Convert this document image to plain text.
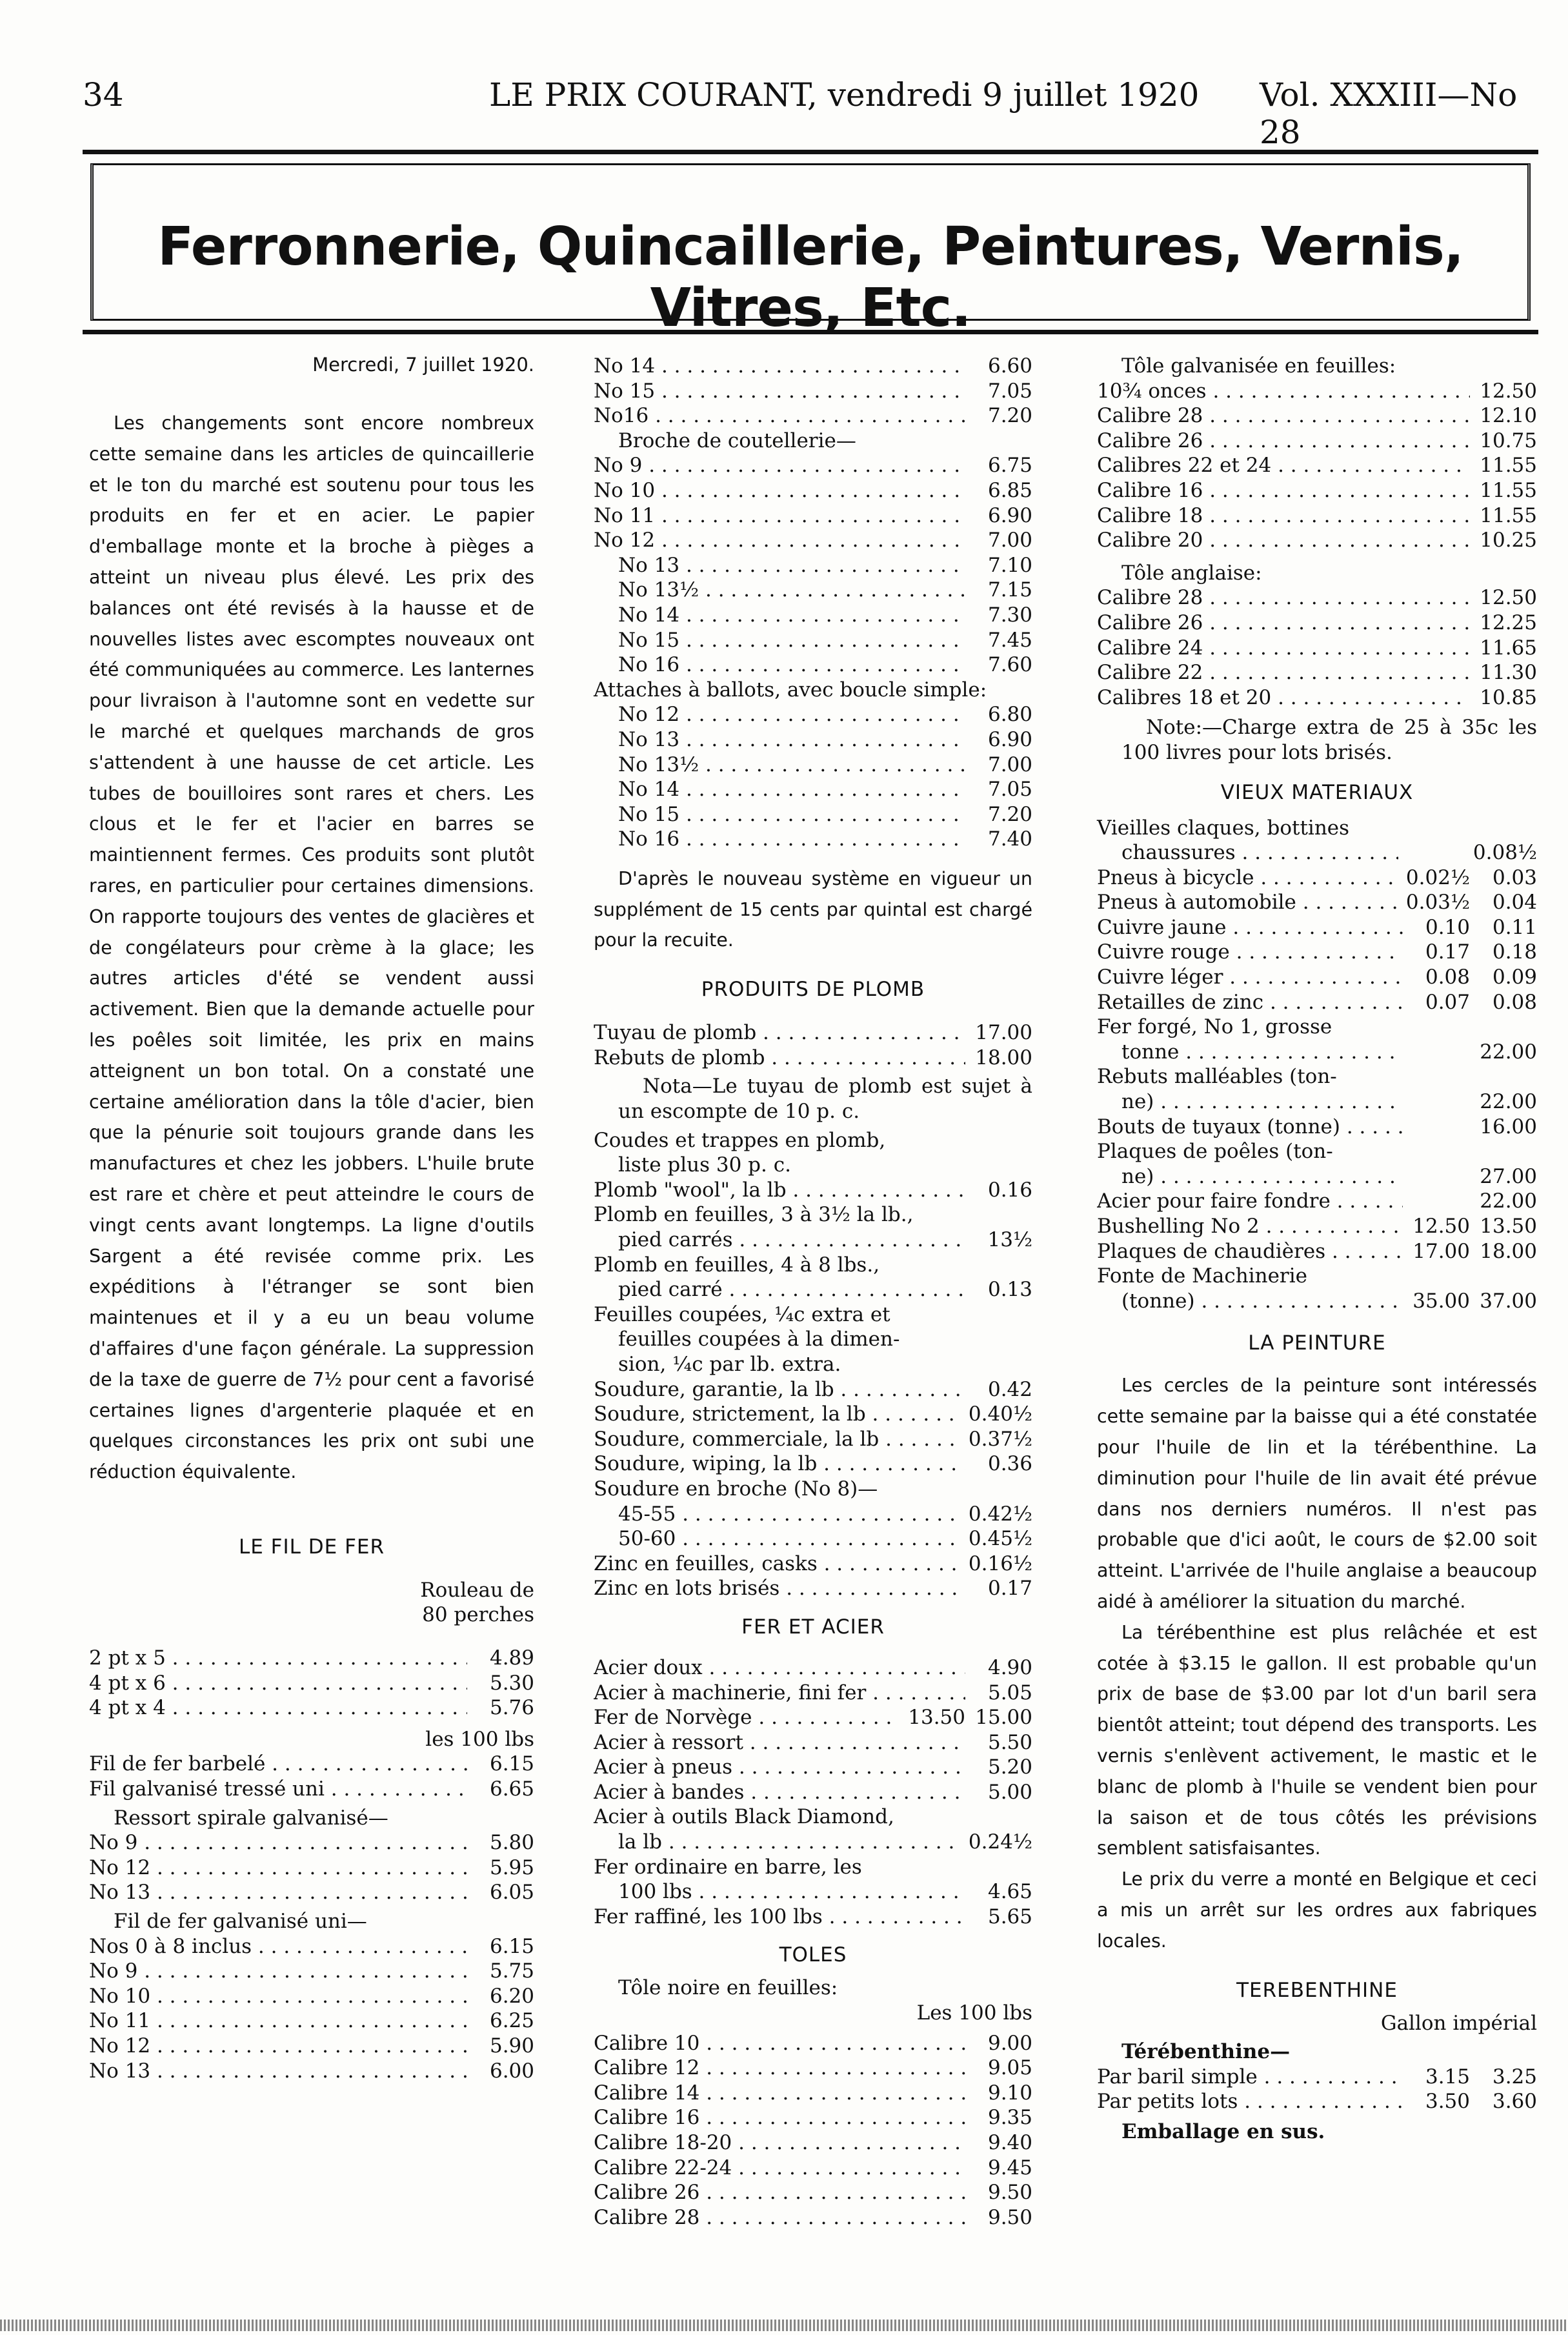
34	LE PRIX COURANT, vendredi 9 juillet 1920 Vol. XXXIII—No 28
Ferronnerie, Quincaillerie, Peintures, Vernis, Vitres, Etc.

Mercredi, 7 juillet 1920.

Les changements sont encore nombreux cette semaine dans les articles de quincaillerie et le ton du marché est soutenu pour tous les produits en fer et en acier. Le papier d'emballage monte et la broche à pièges a atteint un niveau plus élevé. Les prix des balances ont été revisés à la hausse et de nouvelles listes avec escomptes nouveaux ont été communiquées au commerce. Les lanternes pour livraison à l'automne sont en vedette sur le marché et quelques marchands de gros s'attendent à une hausse de cet article. Les tubes de bouilloires sont rares et chers. Les clous et le fer et l'acier en barres se maintiennent fermes. Ces produits sont plutôt rares, en particulier pour certaines dimensions. On rapporte toujours des ventes de glacières et de congélateurs pour crème à la glace; les autres articles d'été se vendent aussi activement. Bien que la demande actuelle pour les poêles soit limitée, les prix en mains atteignent un bon total. On a constaté une certaine amélioration dans la tôle d'acier, bien que la pénurie soit toujours grande dans les manufactures et chez les jobbers. L'huile brute est rare et chère et peut atteindre le cours de vingt cents avant longtemps. La ligne d'outils Sargent a été revisée comme prix. Les expéditions à l'étranger se sont bien maintenues et il y a eu un beau volume d'affaires d'une façon générale. La suppression de la taxe de guerre de 7½ pour cent a favorisé certaines lignes d'argenterie plaquée et en quelques circonstances les prix ont subi une réduction équivalente.

LE FIL DE FER
Rouleau de
80 perches
2 pt x 5 . . .	4.89
4 pt x 6 . . .	5.30
4 pt x 4 . . .	5.76
les 100 lbs
Fil de fer barbelé . . .	6.15
Fil galvanisé tressé uni . . .	6.65
Ressort spirale galvanisé—
No 9 . . .	5.80
No 12 . . .	5.95
No 13 . . .	6.05
Fil de fer galvanisé uni—
Nos 0 à 8 inclus . . .	6.15
No 9 . . .	5.75
No 10 . . .	6.20
No 11 . . .	6.25
No 12 . . .	5.90
No 13 . . .	6.00
No 14 . . .	6.60
No 15 . . .	7.05
No16 . . .	7.20
Broche de coutellerie—
No 9 . . .	6.75
No 10 . . .	6.85
No 11 . . .	6.90
No 12 . . .	7.00
No 13 . . .	7.10
No 13½ . . .	7.15
No 14 . . .	7.30
No 15 . . .	7.45
No 16 . . .	7.60
Attaches à ballots, avec boucle simple:
No 12 . . .	6.80
No 13 . . .	6.90
No 13½ . . .	7.00
No 14 . . .	7.05
No 15 . . .	7.20
No 16 . . .	7.40

D'après le nouveau système en vigueur un supplément de 15 cents par quintal est chargé pour la recuite.

PRODUITS DE PLOMB
Tuyau de plomb . . .	17.00
Rebuts de plomb . . .	18.00
Nota—Le tuyau de plomb est sujet à un escompte de 10 p. c.
Coudes et trappes en plomb,
liste plus 30 p. c.
Plomb "wool", la lb . . .	0.16
Plomb en feuilles, 3 à 3½ la lb.,
pied carrés . . .	13½
Plomb en feuilles, 4 à 8 lbs.,
pied carré . . .	0.13
Feuilles coupées, ¼c extra et
feuilles coupées à la dimen-
sion, ¼c par lb. extra.
Soudure, garantie, la lb . . .	0.42
Soudure, strictement, la lb . . .	0.40½
Soudure, commerciale, la lb . . .	0.37½
Soudure, wiping, la lb . . .	0.36
Soudure en broche (No 8)—
45-55 . . .	0.42½
50-60 . . .	0.45½
Zinc en feuilles, casks . . .	0.16½
Zinc en lots brisés . . .	0.17
FER ET ACIER
Acier doux . . .	4.90
Acier à machinerie, fini fer . . .	5.05
Fer de Norvège . . .	13.50 15.00
Acier à ressort . . .	5.50
Acier à pneus . . .	5.20
Acier à bandes . . .	5.00
Acier à outils Black Diamond,
la lb . . .	0.24½
Fer ordinaire en barre, les
100 lbs . . .	4.65
Fer raffiné, les 100 lbs . . .	5.65
TOLES
Tôle noire en feuilles:
Les 100 lbs
Calibre 10 . . .	9.00
Calibre 12 . . .	9.05
Calibre 14 . . .	9.10
Calibre 16 . . .	9.35
Calibre 18-20 . . .	9.40
Calibre 22-24 . . .	9.45
Calibre 26 . . .	9.50
Calibre 28 . . .	9.50
Tôle galvanisée en feuilles:
10¾ onces . . .	12.50
Calibre 28 . . .	12.10
Calibre 26 . . .	10.75
Calibres 22 et 24 . . .	11.55
Calibre 16 . . .	11.55
Calibre 18 . . .	11.55
Calibre 20 . . .	10.25
Tôle anglaise:
Calibre 28 . . .	12.50
Calibre 26 . . .	12.25
Calibre 24 . . .	11.65
Calibre 22 . . .	11.30
Calibres 18 et 20 . . .	10.85
Note:—Charge extra de 25 à 35c les 100 livres pour lots brisés.
VIEUX MATERIAUX
Vieilles claques, bottines
chaussures . . .	0.08½
Pneus à bicycle . . .	0.02½	0.03
Pneus à automobile . . .	0.03½	0.04
Cuivre jaune . . .	0.10	0.11
Cuivre rouge . . .	0.17	0.18
Cuivre léger . . .	0.08	0.09
Retailles de zinc . . .	0.07	0.08
Fer forgé, No 1, grosse
tonne . . .	22.00
Rebuts malléables (ton-
ne) . . .	22.00
Bouts de tuyaux (tonne) . . .	16.00
Plaques de poêles (ton-
ne) . . .	27.00
Acier pour faire fondre . . .	22.00
Bushelling No 2 . . .	12.50 13.50
Plaques de chaudières . . .	17.00 18.00
Fonte de Machinerie
(tonne) . . .	35.00 37.00
LA PEINTURE

Les cercles de la peinture sont intéressés cette semaine par la baisse qui a été constatée pour l'huile de lin et la térébenthine. La diminution pour l'huile de lin avait été prévue dans nos derniers numéros. Il n'est pas probable que d'ici août, le cours de $2.00 soit atteint. L'arrivée de l'huile anglaise a beaucoup aidé à améliorer la situation du marché.

La térébenthine est plus relâchée et est cotée à $3.15 le gallon. Il est probable qu'un prix de base de $3.00 par lot d'un baril sera bientôt atteint; tout dépend des transports. Les vernis s'enlèvent activement, le mastic et le blanc de plomb à l'huile se vendent bien pour la saison et de tous côtés les prévisions semblent satisfaisantes.

Le prix du verre a monté en Belgique et ceci a mis un arrêt sur les ordres aux fabriques locales.

TEREBENTHINE
Gallon impérial
Térébenthine—
Par baril simple . . .	3.15	3.25
Par petits lots . . .	3.50	3.60
Emballage en sus.
